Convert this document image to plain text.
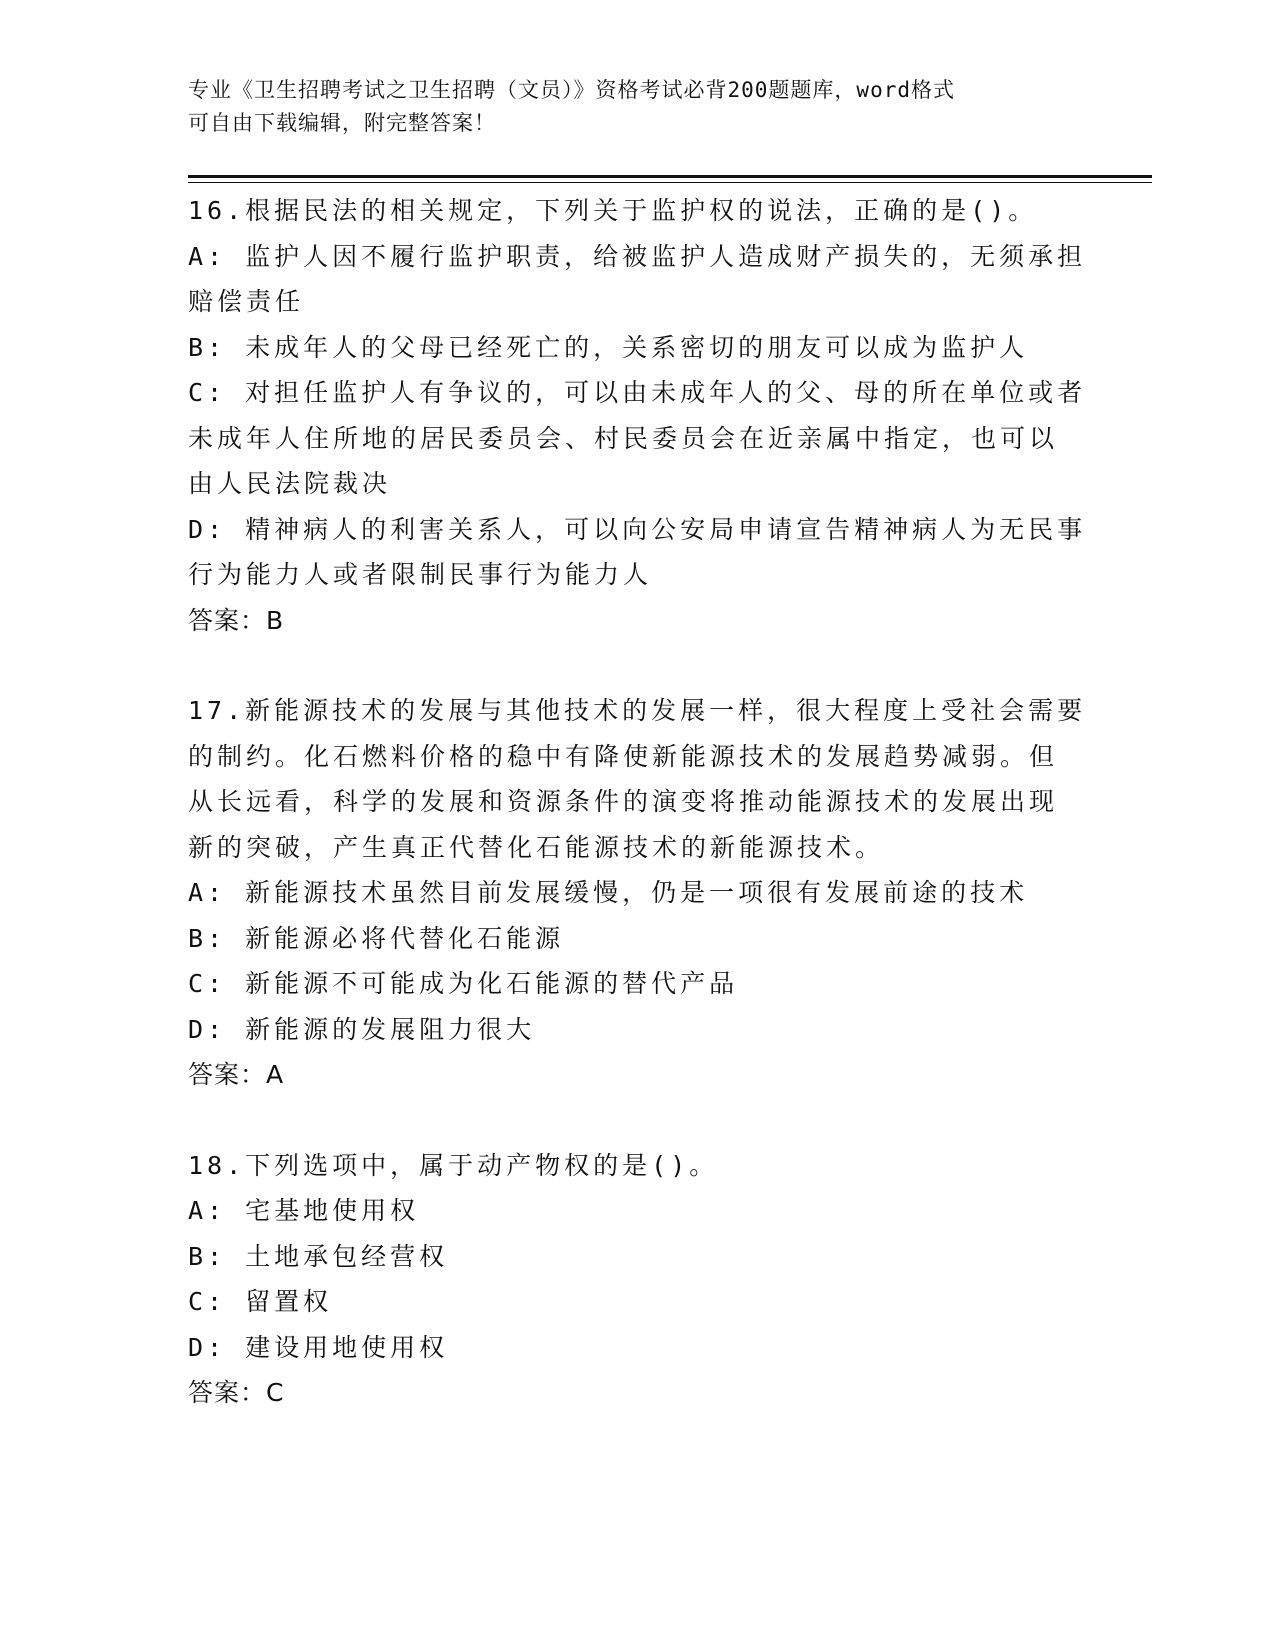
专业《卫生招聘考试之卫生招聘（文员）》资格考试必背200题题库，word格式

可自由下载编辑，附完整答案！

16.根据民法的相关规定，下列关于监护权的说法，正确的是()。

A: 监护人因不履行监护职责，给被监护人造成财产损失的，无须承担

赔偿责任

B: 未成年人的父母已经死亡的，关系密切的朋友可以成为监护人

C: 对担任监护人有争议的，可以由未成年人的父、母的所在单位或者

未成年人住所地的居民委员会、村民委员会在近亲属中指定，也可以

由人民法院裁决

D: 精神病人的利害关系人，可以向公安局申请宣告精神病人为无民事

行为能力人或者限制民事行为能力人

答案：B

17.新能源技术的发展与其他技术的发展一样，很大程度上受社会需要

的制约。化石燃料价格的稳中有降使新能源技术的发展趋势减弱。但

从长远看，科学的发展和资源条件的演变将推动能源技术的发展出现

新的突破，产生真正代替化石能源技术的新能源技术。

A: 新能源技术虽然目前发展缓慢，仍是一项很有发展前途的技术

B: 新能源必将代替化石能源

C: 新能源不可能成为化石能源的替代产品

D: 新能源的发展阻力很大

答案：A

18.下列选项中，属于动产物权的是()。

A: 宅基地使用权

B: 土地承包经营权

C: 留置权

D: 建设用地使用权

答案：C
